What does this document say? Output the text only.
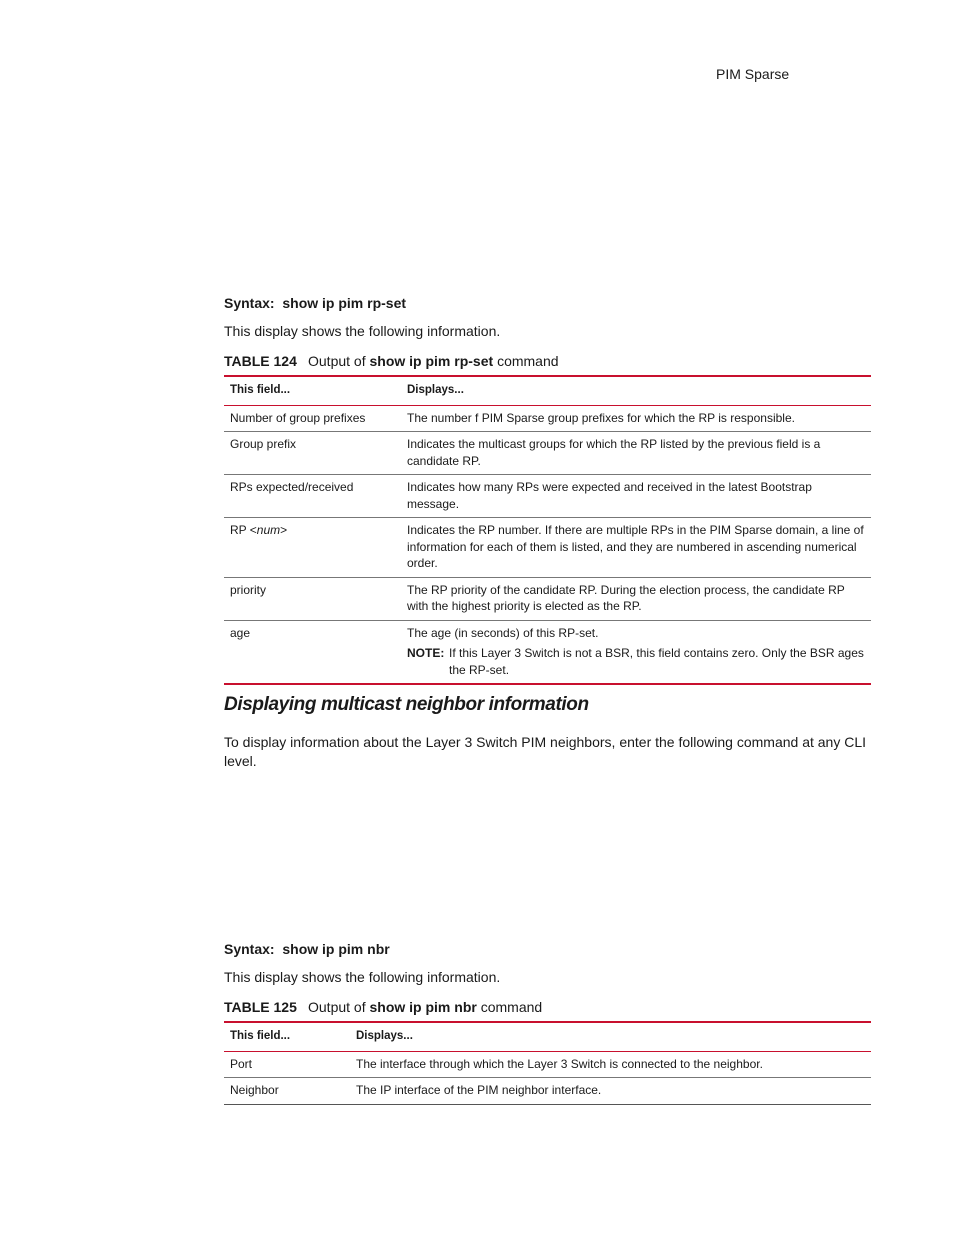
PIM Sparse
Syntax: show ip pim rp-set
This display shows the following information.
TABLE 124 Output of show ip pim rp-set command
This field...	Displays...
Number of group prefixes	The number f PIM Sparse group prefixes for which the RP is responsible.
Group prefix	Indicates the multicast groups for which the RP listed by the previous field is a candidate RP.
RPs expected/received	Indicates how many RPs were expected and received in the latest Bootstrap message.
RP <num>	Indicates the RP number. If there are multiple RPs in the PIM Sparse domain, a line of information for each of them is listed, and they are numbered in ascending numerical order.
priority	The RP priority of the candidate RP. During the election process, the candidate RP with the highest priority is elected as the RP.
age	The age (in seconds) of this RP-set.
NOTE: If this Layer 3 Switch is not a BSR, this field contains zero. Only the BSR ages the RP-set.
Displaying multicast neighbor information
To display information about the Layer 3 Switch PIM neighbors, enter the following command at any CLI level.
Syntax: show ip pim nbr
This display shows the following information.
TABLE 125 Output of show ip pim nbr command
This field...	Displays...
Port	The interface through which the Layer 3 Switch is connected to the neighbor.
Neighbor	The IP interface of the PIM neighbor interface.
